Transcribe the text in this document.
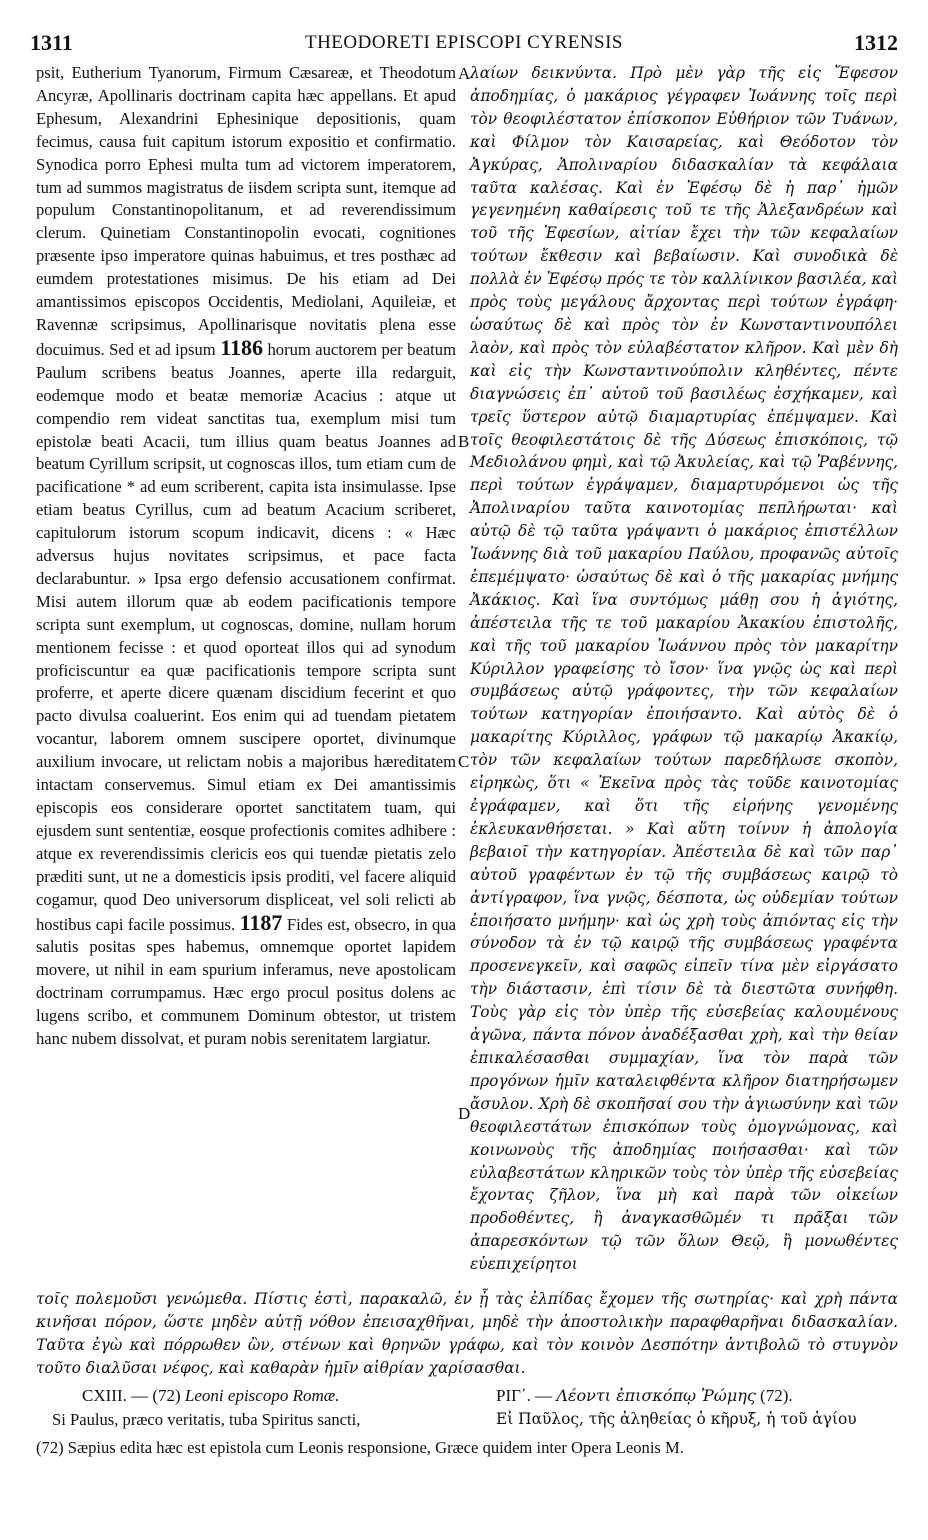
1311	THEODORETI EPISCOPI CYRENSIS	1312
A
B
C
D

psit, Eutherium Tyanorum, Firmum Cæsareæ, et Theodotum Ancyræ, Apollinaris doctrinam capita hæc appellans. Et apud Ephesum, Alexandrini Ephesinique depositionis, quam fecimus, causa fuit capitum istorum expositio et confirmatio. Synodica porro Ephesi multa tum ad victorem imperatorem, tum ad summos magistratus de iisdem scripta sunt, itemque ad populum Constantinopolitanum, et ad reverendissimum clerum. Quinetiam Constantinopolin evocati, cognitiones præsente ipso imperatore quinas habuimus, et tres posthæc ad eumdem protestationes misimus. De his etiam ad Dei amantissimos episcopos Occidentis, Mediolani, Aquileiæ, et Ravennæ scripsimus, Apollinarisque novitatis plena esse docuimus. Sed et ad ipsum 1186 horum auctorem per beatum Paulum scribens beatus Joannes, aperte illa redarguit, eodemque modo et beatæ memoriæ Acacius : atque ut compendio rem videat sanctitas tua, exemplum misi tum epistolæ beati Acacii, tum illius quam beatus Joannes ad beatum Cyrillum scripsit, ut cognoscas illos, tum etiam cum de pacificatione * ad eum scriberent, capita ista insimulasse. Ipse etiam beatus Cyrillus, cum ad beatum Acacium scriberet, capitulorum istorum scopum indicavit, dicens : « Hæc adversus hujus novitates scripsimus, et pace facta declarabuntur. » Ipsa ergo defensio accusationem confirmat. Misi autem illorum quæ ab eodem pacificationis tempore scripta sunt exemplum, ut cognoscas, domine, nullam horum mentionem fecisse : et quod oporteat illos qui ad synodum proficiscuntur ea quæ pacificationis tempore scripta sunt proferre, et aperte dicere quænam discidium fecerint et quo pacto divulsa coaluerint. Eos enim qui ad tuendam pietatem vocantur, laborem omnem suscipere oportet, divinumque auxilium invocare, ut relictam nobis a majoribus hæreditatem intactam conservemus. Simul etiam ex Dei amantissimis episcopis eos considerare oportet sanctitatem tuam, qui ejusdem sunt sententiæ, eosque profectionis comites adhibere : atque ex reverendissimis clericis eos qui tuendæ pietatis zelo præditi sunt, ut ne a domesticis ipsis proditi, vel facere aliquid cogamur, quod Deo universorum displiceat, vel soli relicti ab hostibus capi facile possimus. 1187 Fides est, obsecro, in qua salutis positas spes habemus, omnemque oportet lapidem movere, ut nihil in eam spurium inferamus, neve apostolicam doctrinam corrumpamus. Hæc ergo procul positus dolens ac lugens scribo, et communem Dominum obtestor, ut tristem hanc nubem dissolvat, et puram nobis serenitatem largiatur.

λαίων δεικνύντα. Πρὸ μὲν γὰρ τῆς εἰς Ἔφεσον ἀποδημίας, ὁ μακάριος γέγραφεν Ἰωάννης τοῖς περὶ τὸν θεοφιλέστατον ἐπίσκοπον Εὐθήριον τῶν Τυάνων, καὶ Φίλμον τὸν Καισαρείας, καὶ Θεόδοτον τὸν Ἀγκύρας, Ἀπολιναρίου διδασκαλίαν τὰ κεφάλαια ταῦτα καλέσας. Καὶ ἐν Ἐφέσῳ δὲ ἡ παρ᾽ ἡμῶν γεγενημένη καθαίρεσις τοῦ τε τῆς Ἀλεξανδρέων καὶ τοῦ τῆς Ἐφεσίων, αἰτίαν ἔχει τὴν τῶν κεφαλαίων τούτων ἔκθεσιν καὶ βεβαίωσιν. Καὶ συνοδικὰ δὲ πολλὰ ἐν Ἐφέσῳ πρός τε τὸν καλλίνικον βασιλέα, καὶ πρὸς τοὺς μεγάλους ἄρχοντας περὶ τούτων ἐγράφη· ὡσαύτως δὲ καὶ πρὸς τὸν ἐν Κωνσταντινουπόλει λαὸν, καὶ πρὸς τὸν εὐλαβέστατον κλῆρον. Καὶ μὲν δὴ καὶ εἰς τὴν Κωνσταντινούπολιν κληθέντες, πέντε διαγνώσεις ἐπ᾽ αὐτοῦ τοῦ βασιλέως ἐσχήκαμεν, καὶ τρεῖς ὕστερον αὐτῷ διαμαρτυρίας ἐπέμψαμεν. Καὶ τοῖς θεοφιλεστάτοις δὲ τῆς Δύσεως ἐπισκόποις, τῷ Μεδιολάνου φημὶ, καὶ τῷ Ἀκυλείας, καὶ τῷ Ῥαβέννης, περὶ τούτων ἐγράψαμεν, διαμαρτυρόμενοι ὡς τῆς Ἀπολιναρίου ταῦτα καινοτομίας πεπλήρωται· καὶ αὐτῷ δὲ τῷ ταῦτα γράψαντι ὁ μακάριος ἐπιστέλλων Ἰωάννης διὰ τοῦ μακαρίου Παύλου, προφανῶς αὐτοῖς ἐπεμέμψατο· ὡσαύτως δὲ καὶ ὁ τῆς μακαρίας μνήμης Ἀκάκιος. Καὶ ἵνα συντόμως μάθῃ σου ἡ ἁγιότης, ἀπέστειλα τῆς τε τοῦ μακαρίου Ἀκακίου ἐπιστολῆς, καὶ τῆς τοῦ μακαρίου Ἰωάννου πρὸς τὸν μακαρίτην Κύριλλον γραφείσης τὸ ἴσον· ἵνα γνῷς ὡς καὶ περὶ συμβάσεως αὐτῷ γράφοντες, τὴν τῶν κεφαλαίων τούτων κατηγορίαν ἐποιήσαντο. Καὶ αὐτὸς δὲ ὁ μακαρίτης Κύριλλος, γράφων τῷ μακαρίῳ Ἀκακίῳ, τὸν τῶν κεφαλαίων τούτων παρεδήλωσε σκοπὸν, εἰρηκὼς, ὅτι « Ἐκεῖνα πρὸς τὰς τοῦδε καινοτομίας ἐγράφαμεν, καὶ ὅτι τῆς εἰρήνης γενομένης ἐκλευκανθήσεται. » Καὶ αὕτη τοίνυν ἡ ἀπολογία βεβαιοῖ τὴν κατηγορίαν. Ἀπέστειλα δὲ καὶ τῶν παρ᾽ αὐτοῦ γραφέντων ἐν τῷ τῆς συμβάσεως καιρῷ τὸ ἀντίγραφον, ἵνα γνῷς, δέσποτα, ὡς οὐδεμίαν τούτων ἐποιήσατο μνήμην· καὶ ὡς χρὴ τοὺς ἀπιόντας εἰς τὴν σύνοδον τὰ ἐν τῷ καιρῷ τῆς συμβάσεως γραφέντα προσενεγκεῖν, καὶ σαφῶς εἰπεῖν τίνα μὲν εἰργάσατο τὴν διάστασιν, ἐπὶ τίσιν δὲ τὰ διεστῶτα συνήφθη. Τοὺς γὰρ εἰς τὸν ὑπὲρ τῆς εὐσεβείας καλουμένους ἀγῶνα, πάντα πόνον ἀναδέξασθαι χρὴ, καὶ τὴν θείαν ἐπικαλέσασθαι συμμαχίαν, ἵνα τὸν παρὰ τῶν προγόνων ἡμῖν καταλειφθέντα κλῆρον διατηρήσωμεν ἄσυλον. Χρὴ δὲ σκοπῆσαί σου τὴν ἁγιωσύνην καὶ τῶν θεοφιλεστάτων ἐπισκόπων τοὺς ὁμογνώμονας, καὶ κοινωνοὺς τῆς ἀποδημίας ποιήσασθαι· καὶ τῶν εὐλαβεστάτων κληρικῶν τοὺς τὸν ὑπὲρ τῆς εὐσεβείας ἔχοντας ζῆλον, ἵνα μὴ καὶ παρὰ τῶν οἰκείων προδοθέντες, ἢ ἀναγκασθῶμέν τι πρᾶξαι τῶν ἀπαρεσκόντων τῷ τῶν ὅλων Θεῷ, ἢ μονωθέντες εὐεπιχείρητοι

τοῖς πολεμοῦσι γενώμεθα. Πίστις ἐστὶ, παρακαλῶ, ἐν ᾗ τὰς ἐλπίδας ἔχομεν τῆς σωτηρίας· καὶ χρὴ πάντα κινῆσαι πόρον, ὥστε μηδὲν αὐτῇ νόθον ἐπεισαχθῆναι, μηδὲ τὴν ἀποστολικὴν παραφθαρῆναι διδασκαλίαν. Ταῦτα ἐγὼ καὶ πόρρωθεν ὢν, στένων καὶ θρηνῶν γράφω, καὶ τὸν κοινὸν Δεσπότην ἀντιβολῶ τὸ στυγνὸν τοῦτο διαλῦσαι νέφος, καὶ καθαρὰν ἡμῖν αἰθρίαν χαρίσασθαι.

CXIII. — (72) Leoni episcopo Romæ.	ΡΙΓ΄. — Λέοντι ἐπισκόπῳ Ῥώμης (72).
Si Paulus, præco veritatis, tuba Spiritus sancti,	Εἰ Παῦλος, τῆς ἀληθείας ὁ κῆρυξ, ἡ τοῦ ἁγίου
(72) Sæpius edita hæc est epistola cum Leonis responsione, Græce quidem inter Opera Leonis M.
